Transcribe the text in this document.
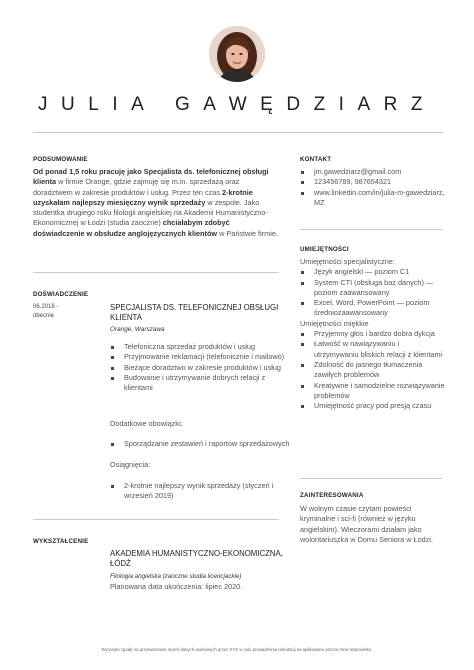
JULIA GAWĘDZIARZ
PODSUMOWANIE
Od ponad 1,5 roku pracuję jako Specjalista ds. telefonicznej obsługi klienta w firmie Orange, gdzie zajmuję się m.in. sprzedażą oraz doradztwem w zakresie produktów i usług. Przez ten czas 2-krotnie uzyskałam najlepszy miesięczny wynik sprzedaży w zespole. Jako studentka drugiego roku filologii angielskiej na Akademii Humanistyczno-Ekonomicznej w Łodzi (studia zaoczne) chciałabym zdobyć doświadczenie w obsłudze anglojęzycznych klientów w Państwie firmie.
KONTAKT
jm.gawedziarz@gmail.com
123456789, 987654321
www.linkedin.com/in/julia-m-gawedziarz, MZ
DOŚWIADCZENIE
06.2018 - obecnie
SPECJALISTA DS. TELEFONICZNEJ OBSŁUGI KLIENTA
Orange, Warszawa
Telefoniczna sprzedaż produktów i usług
Przyjmowanie reklamacji (telefonicznie i mailowo)
Bieżące doradztwo w zakresie produktów i usług
Budowanie i utrzymywanie dobrych relacji z klientami
Dodatkowe obowiązki:
Sporządzanie zestawień i raportów sprzedażowych
Osiągnięcia:
2-krotnie najlepszy wynik sprzedaży (styczeń i wrzesień 2019)
WYKSZTAŁCENIE
AKADEMIA HUMANISTYCZNO-EKONOMICZNA, ŁÓDŹ
Filologia angielska (zaoczne studia licencjackie)
Planowana data ukończenia: lipiec 2020.
UMIEJĘTNOŚCI
Umiejętności specjalistyczne:
Język angielski — poziom C1
System CTI (obsługa baz danych) — poziom zaawansowany
Excel, Word, PowerPoint — poziom średniozaawansowany
Umiejętności miękkie
Przyjemny głos i bardzo dobra dykcja
Łatwość w nawiązywaniu i utrzymywaniu bliskich relacji z klientami
Zdolność do jasnego tłumaczenia zawiłych problemów
Kreatywne i samodzielne rozwiązywanie problemów
Umiejętność pracy pod presją czasu
ZAINTERESOWANIA
W wolnym czasie czytam powieści kryminalne i sci-fi (również w języku angielskim). Wieczorami działam jako wolontariuszka w Domu Seniora w Łodzi.
Wyrażam zgodę na przetwarzanie moich danych osobowych przez XYZ w celu prowadzenia rekrutacji na aplikowane przeze mnie stanowisko.
